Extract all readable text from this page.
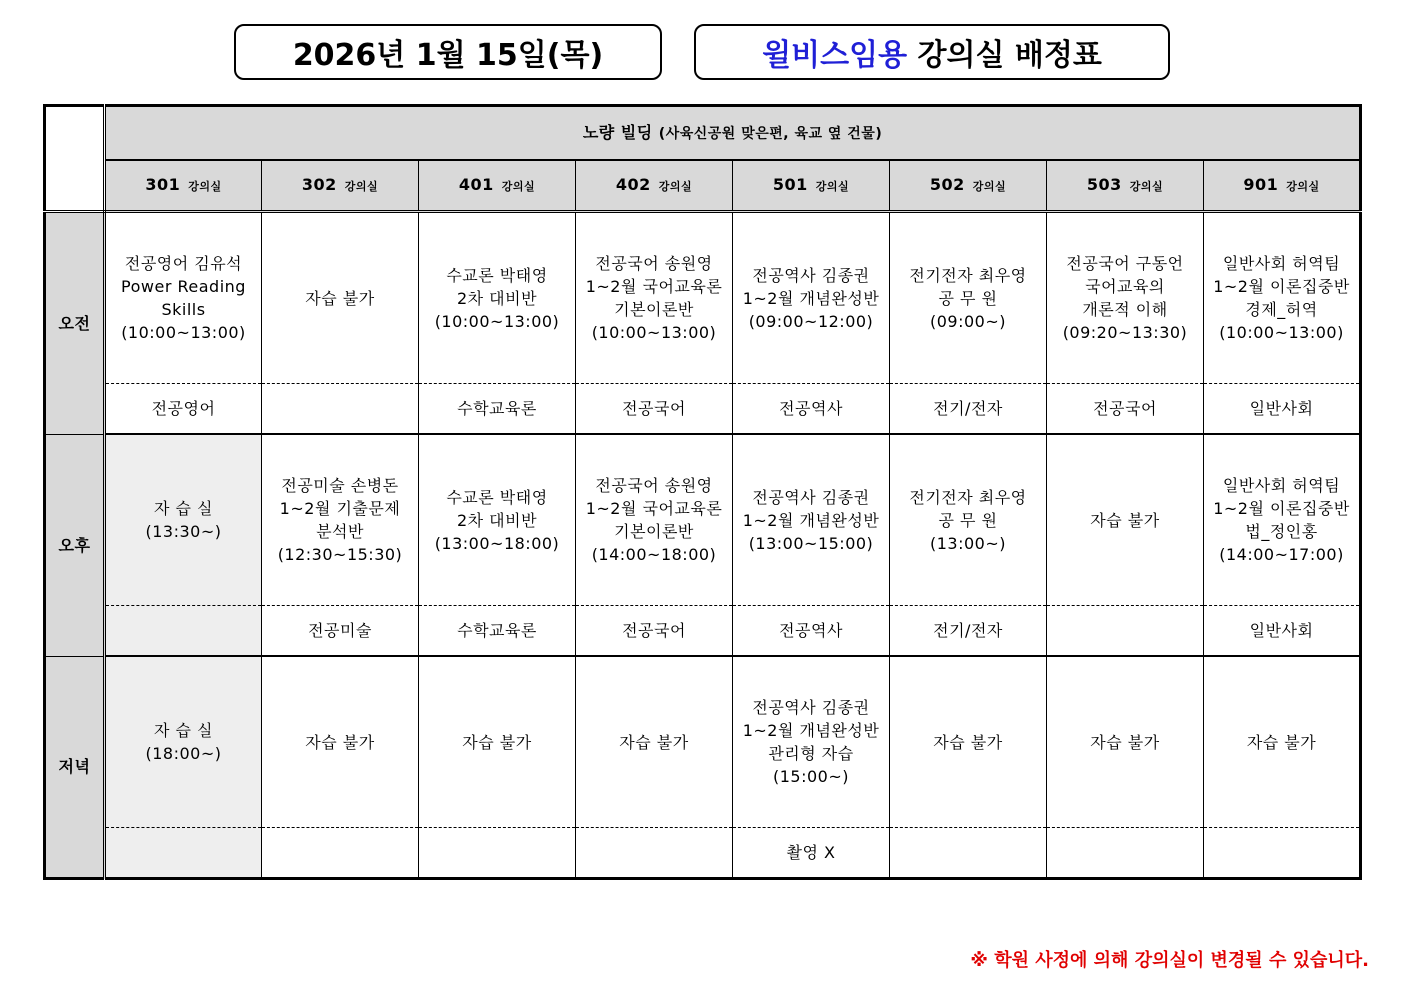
2026년 1월 15일(목)	윌비스임용
강의실 배정표
	노량 빌딩 (사육신공원 맞은편, 육교 옆 건물)							
	301 강의실	302 강의실	401 강의실	402 강의실	501 강의실	502 강의실	503 강의실	901 강의실
오전	전공영어 김유석
Power Reading
Skills
(10:00~13:00)	자습 불가	수교론 박태영
2차 대비반
(10:00~13:00)	전공국어 송원영
1~2월 국어교육론
기본이론반
(10:00~13:00)	전공역사 김종권
1~2월 개념완성반
(09:00~12:00)	전기전자 최우영
공 무 원
(09:00~)	전공국어 구동언
국어교육의
개론적 이해
(09:20~13:30)	일반사회 허역팀
1~2월 이론집중반
경제_허역
(10:00~13:00)

	전공영어		수학교육론	전공국어	전공역사	전기/전자	전공국어	일반사회
오후	자 습 실
(13:30~)	전공미술 손병돈
1~2월 기출문제
분석반
(12:30~15:30)	수교론 박태영
2차 대비반
(13:00~18:00)	전공국어 송원영
1~2월 국어교육론
기본이론반
(14:00~18:00)	전공역사 김종권
1~2월 개념완성반
(13:00~15:00)	전기전자 최우영
공 무 원
(13:00~)	자습 불가	일반사회 허역팀
1~2월 이론집중반
법_정인홍
(14:00~17:00)

		전공미술	수학교육론	전공국어	전공역사	전기/전자		일반사회
저녁	자 습 실
(18:00~)	자습 불가	자습 불가	자습 불가	전공역사 김종권
1~2월 개념완성반
관리형 자습
(15:00~)	자습 불가	자습 불가	자습 불가

					촬영 X			
※ 학원 사정에 의해 강의실이 변경될 수 있습니다.
